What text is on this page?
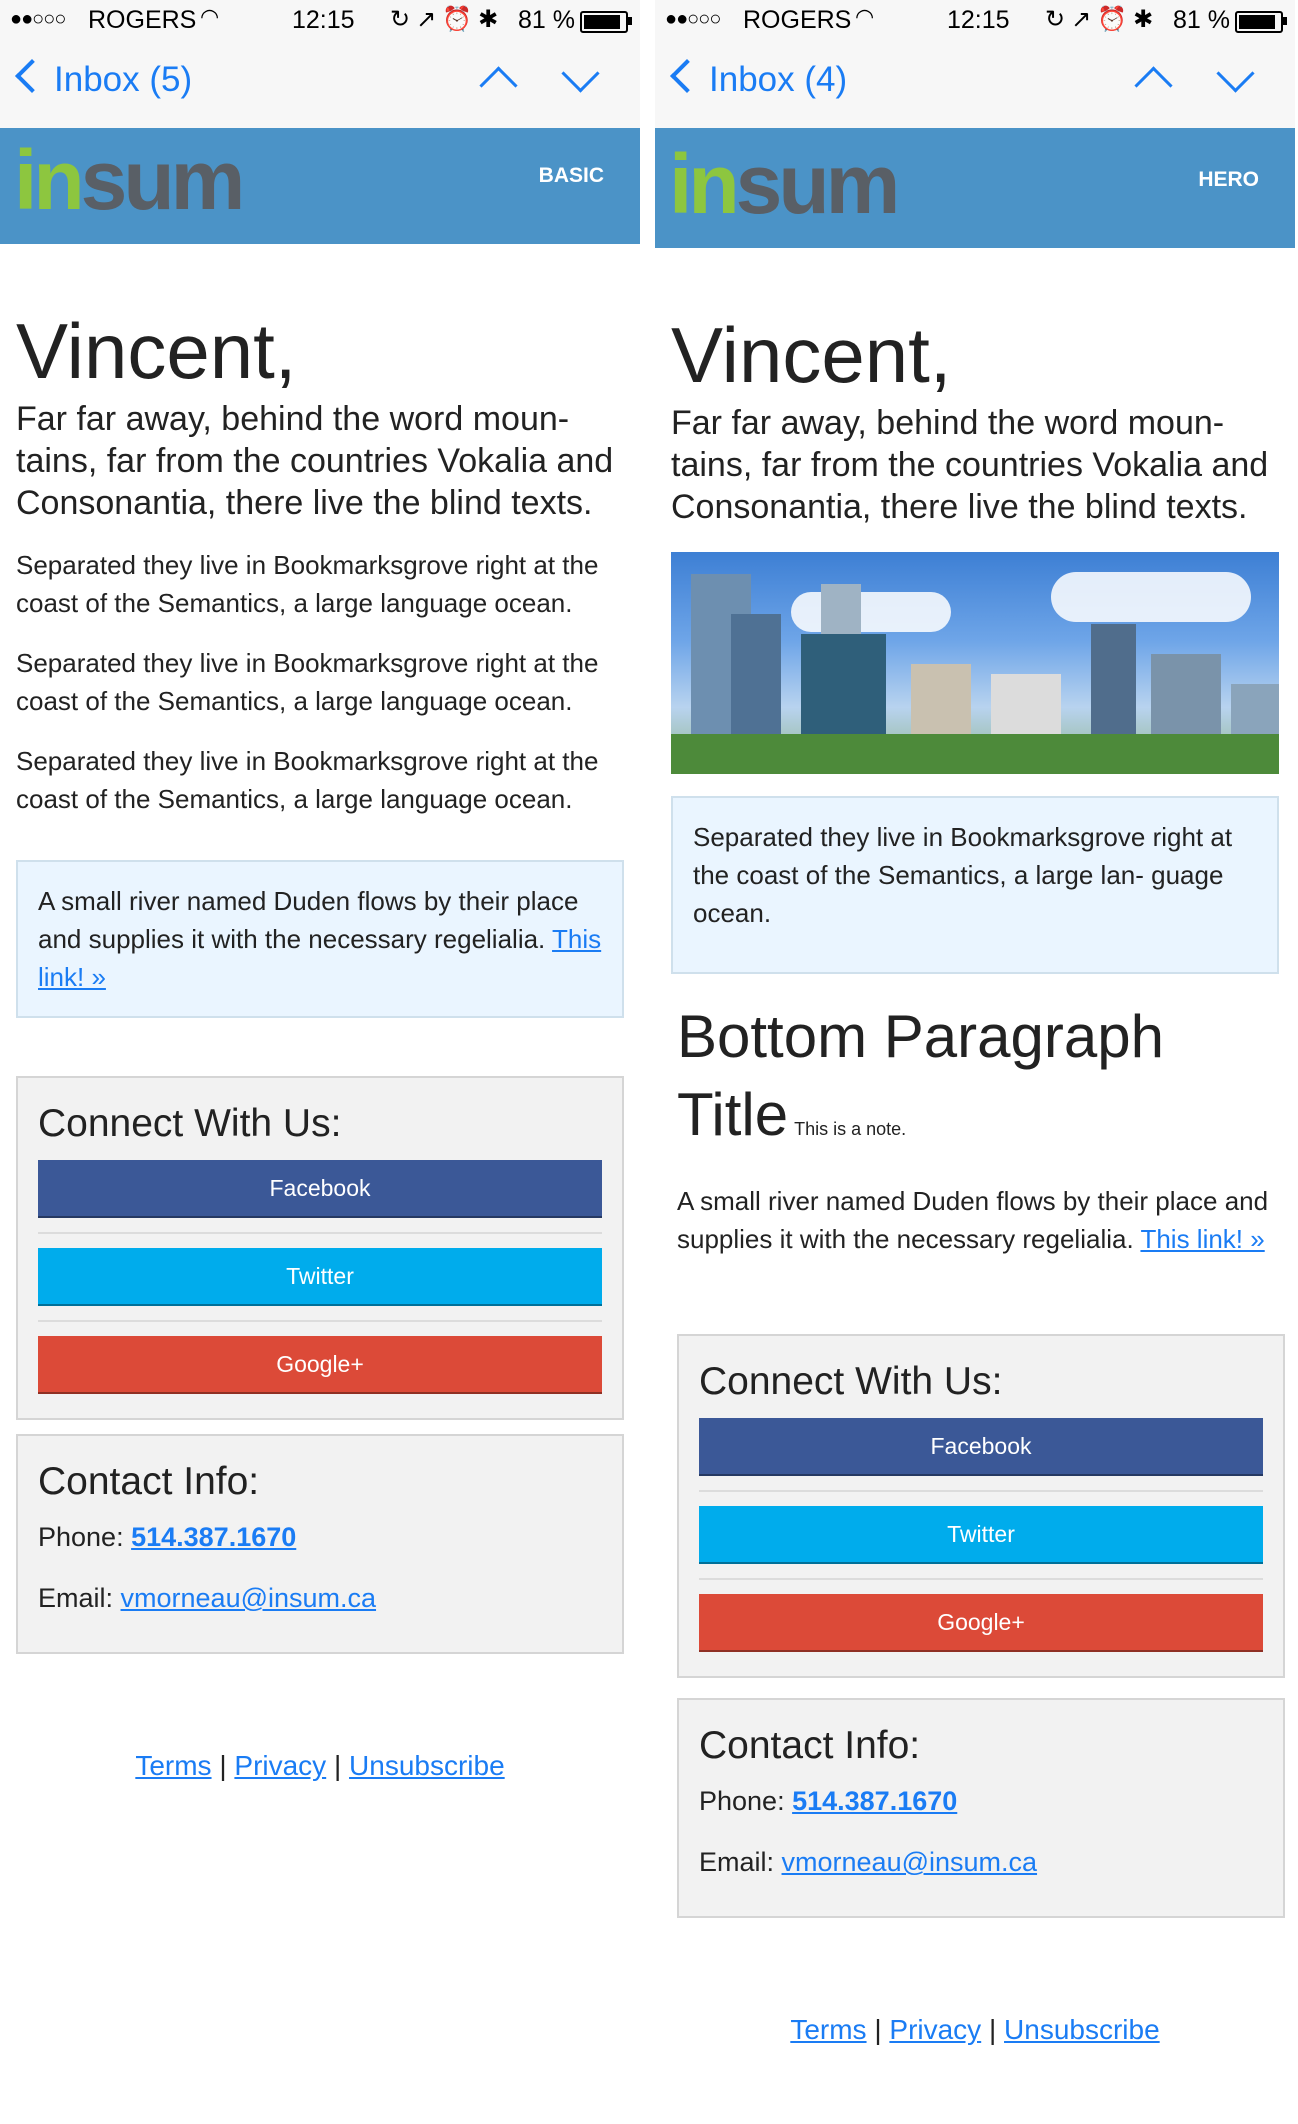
●●○○○ ROGERS ◠	12:15 ↻↗⏰✱ 81 %
Inbox (5)
insum	BASIC
Vincent,
Far far away, behind the word moun- tains, far from the countries Vokalia and Consonantia, there live the blind texts.
Separated they live in Bookmarksgrove right at the coast of the Semantics, a large language ocean.
Separated they live in Bookmarksgrove right at the coast of the Semantics, a large language ocean.
Separated they live in Bookmarksgrove right at the coast of the Semantics, a large language ocean.
A small river named Duden flows by their place and supplies it with the necessary regelialia. This link! »
Connect With Us:
Facebook
Twitter
Google+
Contact Info:
Phone: 514.387.1670
Email: vmorneau@insum.ca
Terms | Privacy | Unsubscribe
●●○○○ ROGERS ◠	12:15 ↻↗⏰✱ 81 %
Inbox (4)
insum	HERO
Vincent,
Far far away, behind the word moun- tains, far from the countries Vokalia and Consonantia, there live the blind texts.
Separated they live in Bookmarksgrove right at the coast of the Semantics, a large lan- guage ocean.
Bottom Paragraph Title This is a note.
A small river named Duden flows by their place and supplies it with the necessary regelialia. This link! »
Connect With Us:
Facebook
Twitter
Google+
Contact Info:
Phone: 514.387.1670
Email: vmorneau@insum.ca
Terms | Privacy | Unsubscribe
